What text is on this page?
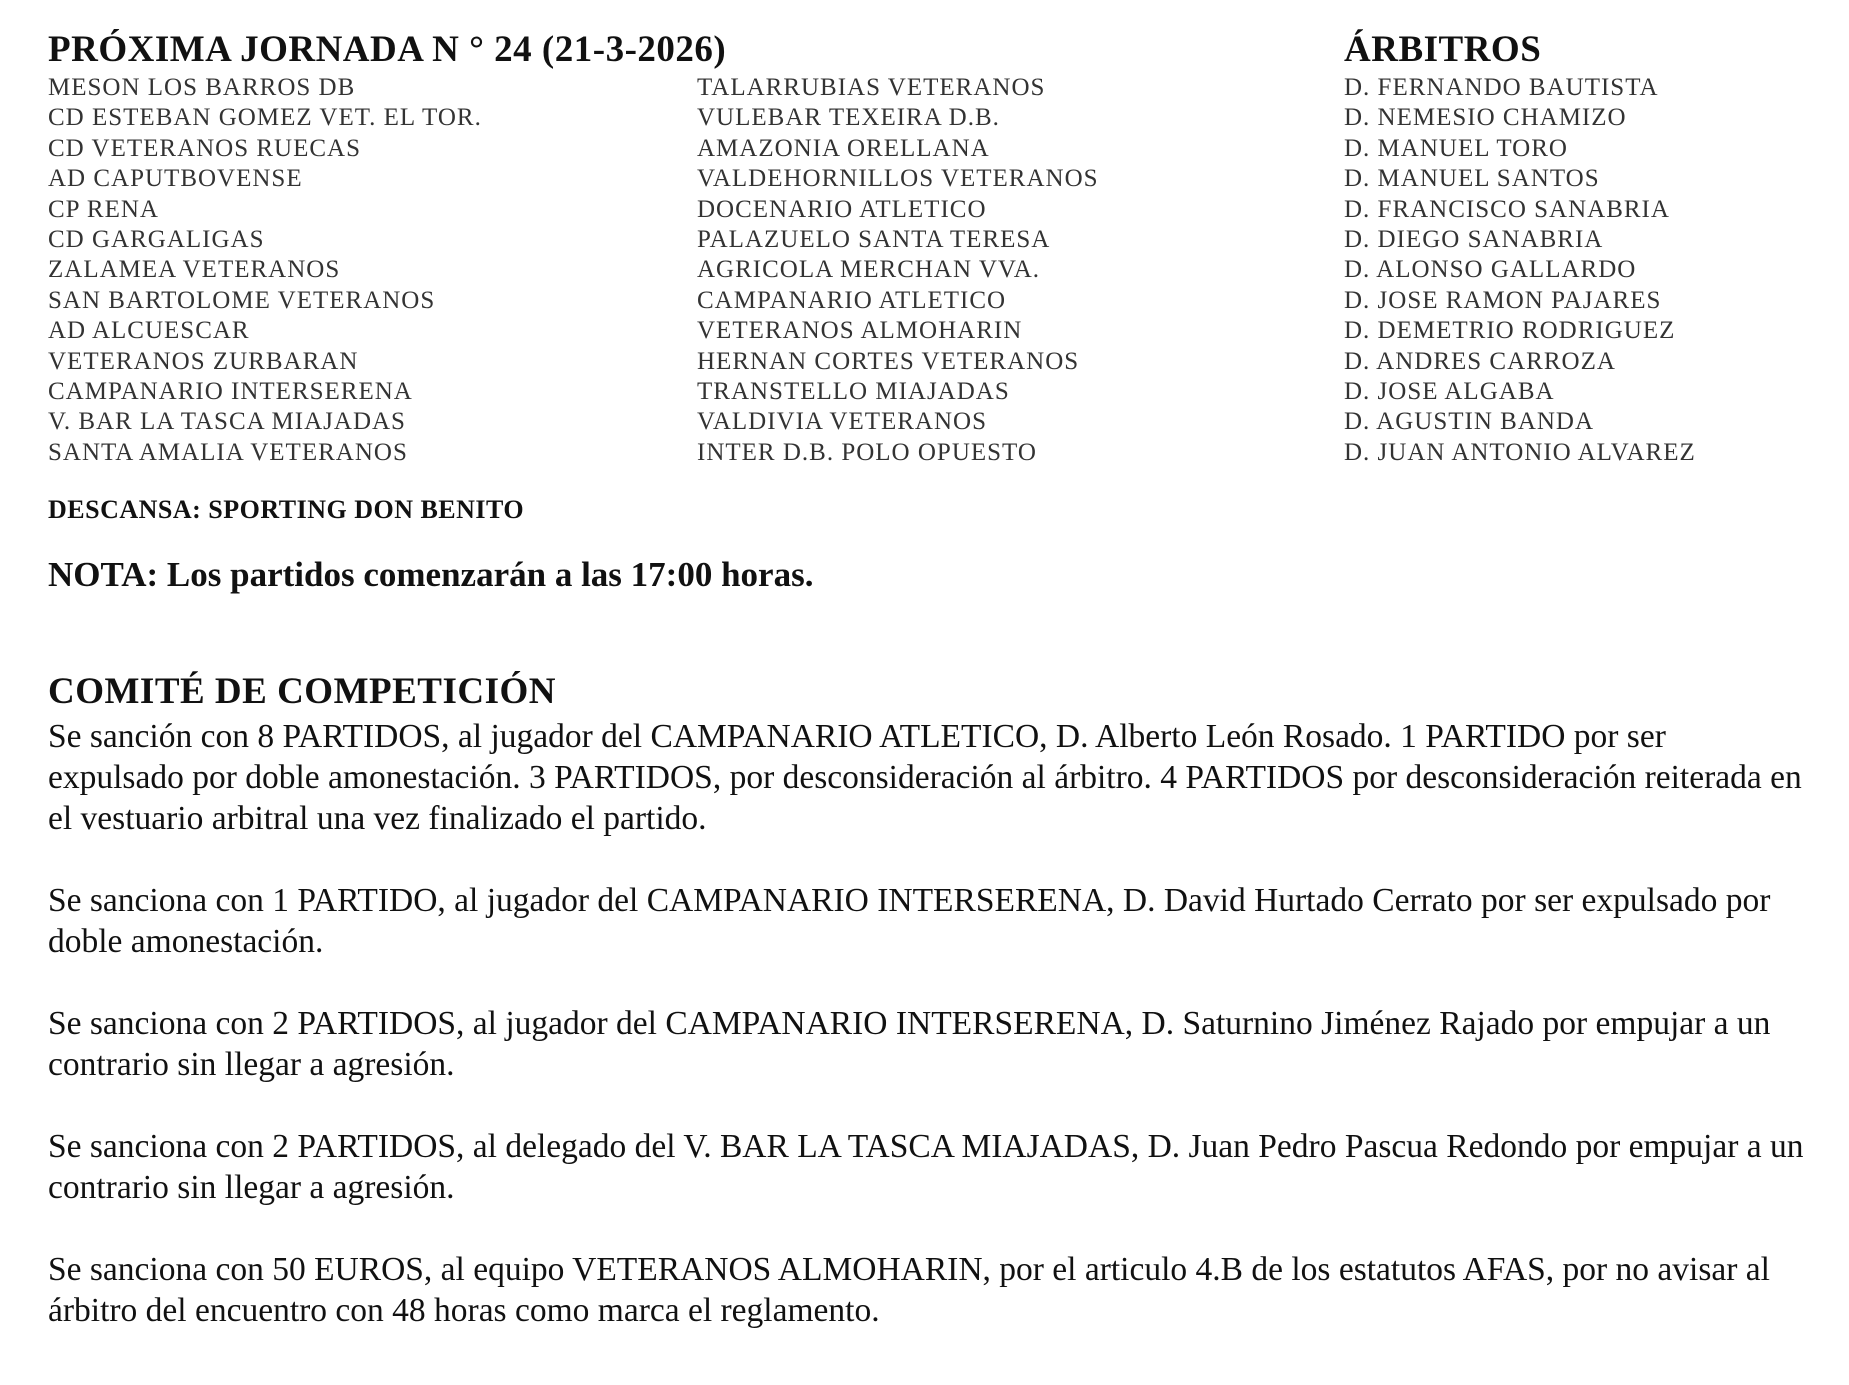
PRÓXIMA JORNADA N ° 24 (21-3-2026)	ÁRBITROS
MESON LOS BARROS DB
CD ESTEBAN GOMEZ VET. EL TOR.
CD VETERANOS RUECAS
AD CAPUTBOVENSE
CP RENA
CD GARGALIGAS
ZALAMEA VETERANOS
SAN BARTOLOME VETERANOS
AD ALCUESCAR
VETERANOS ZURBARAN
CAMPANARIO INTERSERENA
V. BAR LA TASCA MIAJADAS
SANTA AMALIA VETERANOS
TALARRUBIAS VETERANOS
VULEBAR TEXEIRA D.B.
AMAZONIA ORELLANA
VALDEHORNILLOS VETERANOS
DOCENARIO ATLETICO
PALAZUELO SANTA TERESA
AGRICOLA MERCHAN VVA.
CAMPANARIO ATLETICO
VETERANOS ALMOHARIN
HERNAN CORTES VETERANOS
TRANSTELLO MIAJADAS
VALDIVIA VETERANOS
INTER D.B. POLO OPUESTO
D. FERNANDO BAUTISTA
D. NEMESIO CHAMIZO
D. MANUEL TORO
D. MANUEL SANTOS
D. FRANCISCO SANABRIA
D. DIEGO SANABRIA
D. ALONSO GALLARDO
D. JOSE RAMON PAJARES
D. DEMETRIO RODRIGUEZ
D. ANDRES CARROZA
D. JOSE ALGABA
D. AGUSTIN BANDA
D. JUAN ANTONIO ALVAREZ
DESCANSA: SPORTING DON BENITO
NOTA: Los partidos comenzarán a las 17:00 horas.
COMITÉ DE COMPETICIÓN

Se sanción con 8 PARTIDOS, al jugador del CAMPANARIO ATLETICO, D. Alberto León Rosado. 1 PARTIDO por ser expulsado por doble amonestación. 3 PARTIDOS, por desconsideración al árbitro. 4 PARTIDOS por desconsideración reiterada en el vestuario arbitral una vez finalizado el partido.

Se sanciona con 1 PARTIDO, al jugador del CAMPANARIO INTERSERENA, D. David Hurtado Cerrato por ser expulsado por doble amonestación.

Se sanciona con 2 PARTIDOS, al jugador del CAMPANARIO INTERSERENA, D. Saturnino Jiménez Rajado por empujar a un contrario sin llegar a agresión.

Se sanciona con 2 PARTIDOS, al delegado del V. BAR LA TASCA MIAJADAS, D. Juan Pedro Pascua Redondo por empujar a un contrario sin llegar a agresión.

Se sanciona con 50 EUROS, al equipo VETERANOS ALMOHARIN, por el articulo 4.B de los estatutos AFAS, por no avisar al árbitro del encuentro con 48 horas como marca el reglamento.
